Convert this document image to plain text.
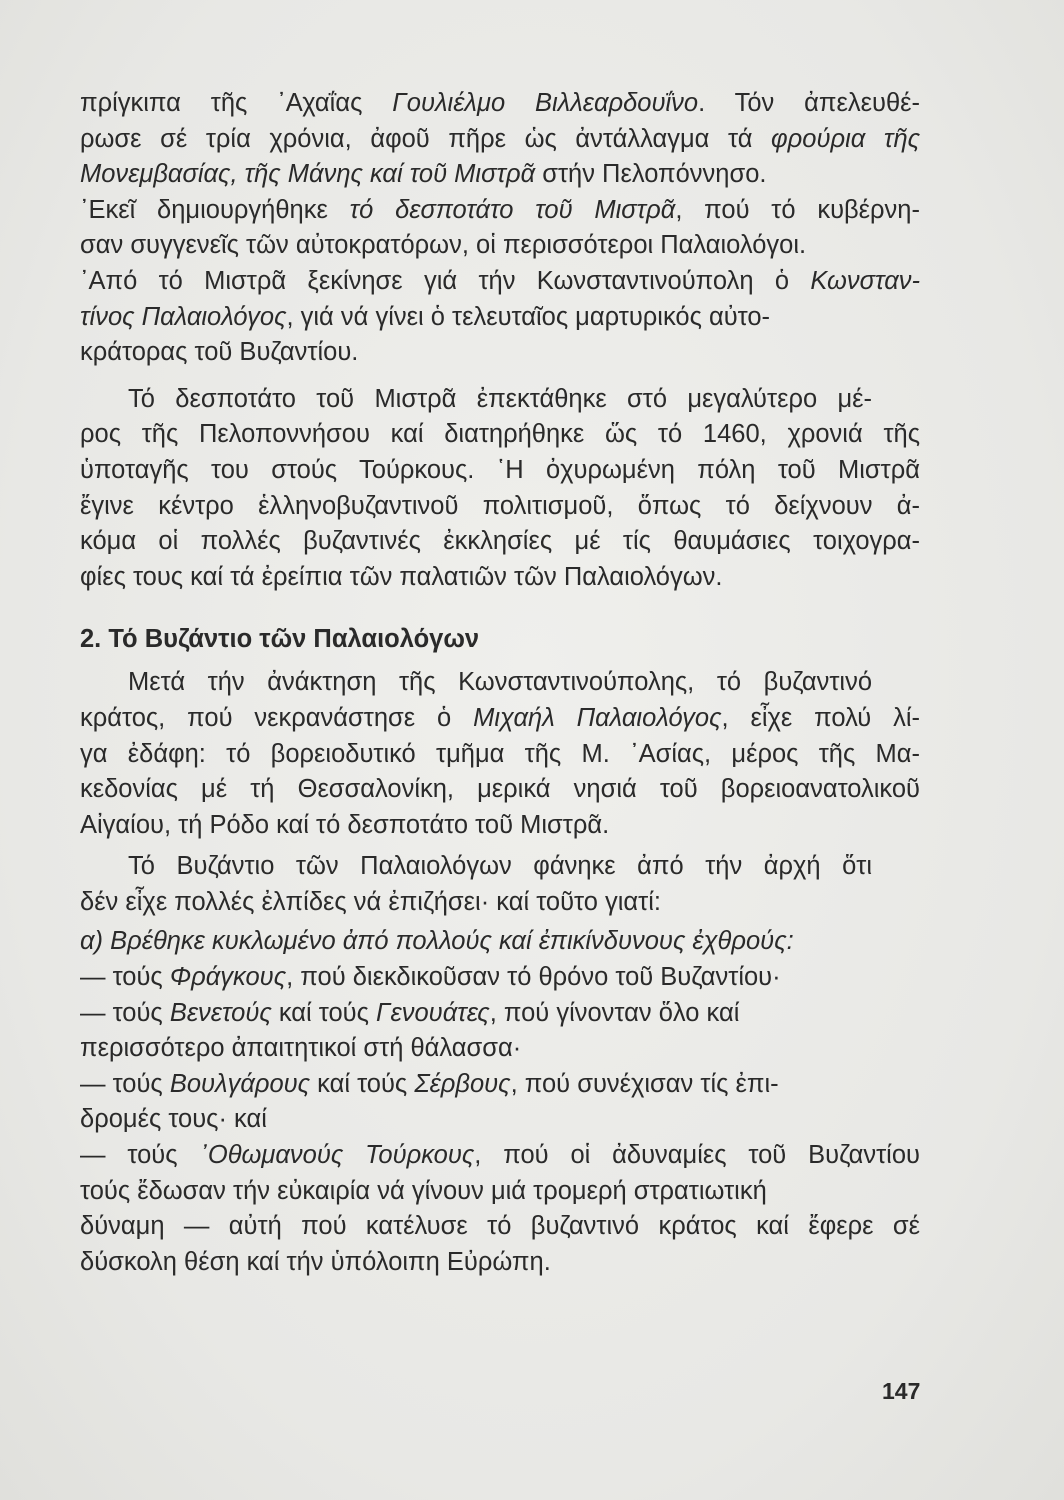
πρίγκιπα τῆς ᾿Αχαΐας Γουλιέλμο Βιλλεαρδουΐνο. Τόν ἀπελευθέ-
ρωσε σέ τρία χρόνια, ἀφοῦ πῆρε ὡς ἀντάλλαγμα τά φρούρια τῆς
Μονεμβασίας, τῆς Μάνης καί τοῦ Μιστρᾶ στήν Πελοπόννησο.
᾿Εκεῖ δημιουργήθηκε τό δεσποτάτο τοῦ Μιστρᾶ, πού τό κυβέρνη-
σαν συγγενεῖς τῶν αὐτοκρατόρων, οἱ περισσότεροι Παλαιολόγοι.
᾿Από τό Μιστρᾶ ξεκίνησε γιά τήν Κωνσταντινούπολη ὁ Κωνσταν-
τίνος Παλαιολόγος, γιά νά γίνει ὁ τελευταῖος μαρτυρικός αὐτο-
κράτορας τοῦ Βυζαντίου.

Τό δεσποτάτο τοῦ Μιστρᾶ ἐπεκτάθηκε στό μεγαλύτερο μέ-
ρος τῆς Πελοποννήσου καί διατηρήθηκε ὥς τό 1460, χρονιά τῆς
ὑποταγῆς του στούς Τούρκους. ῾Η ὀχυρωμένη πόλη τοῦ Μιστρᾶ
ἔγινε κέντρο ἑλληνοβυζαντινοῦ πολιτισμοῦ, ὅπως τό δείχνουν ἀ-
κόμα οἱ πολλές βυζαντινές ἐκκλησίες μέ τίς θαυμάσιες τοιχογρα-
φίες τους καί τά ἐρείπια τῶν παλατιῶν τῶν Παλαιολόγων.

2. Τό Βυζάντιο τῶν Παλαιολόγων

Μετά τήν ἀνάκτηση τῆς Κωνσταντινούπολης, τό βυζαντινό
κράτος, πού νεκρανάστησε ὁ Μιχαήλ Παλαιολόγος, εἶχε πολύ λί-
γα ἐδάφη: τό βορειοδυτικό τμῆμα τῆς Μ. ᾿Ασίας, μέρος τῆς Μα-
κεδονίας μέ τή Θεσσαλονίκη, μερικά νησιά τοῦ βορειοανατολικοῦ
Αἰγαίου, τή Ρόδο καί τό δεσποτάτο τοῦ Μιστρᾶ.

Τό Βυζάντιο τῶν Παλαιολόγων φάνηκε ἀπό τήν ἀρχή ὅτι
δέν εἶχε πολλές ἐλπίδες νά ἐπιζήσει· καί τοῦτο γιατί:

α) Βρέθηκε κυκλωμένο ἀπό πολλούς καί ἐπικίνδυνους ἐχθρούς:

— τούς Φράγκους, πού διεκδικοῦσαν τό θρόνο τοῦ Βυζαντίου·
— τούς Βενετούς καί τούς Γενουάτες, πού γίνονταν ὅλο καί
περισσότερο ἀπαιτητικοί στή θάλασσα·
— τούς Βουλγάρους καί τούς Σέρβους, πού συνέχισαν τίς ἐπι-
δρομές τους· καί
— τούς ᾿Οθωμανούς Τούρκους, πού οἱ ἀδυναμίες τοῦ Βυζαντίου
τούς ἔδωσαν τήν εὐκαιρία νά γίνουν μιά τρομερή στρατιωτική
δύναμη — αὐτή πού κατέλυσε τό βυζαντινό κράτος καί ἔφερε σέ
δύσκολη θέση καί τήν ὑπόλοιπη Εὐρώπη.

147
